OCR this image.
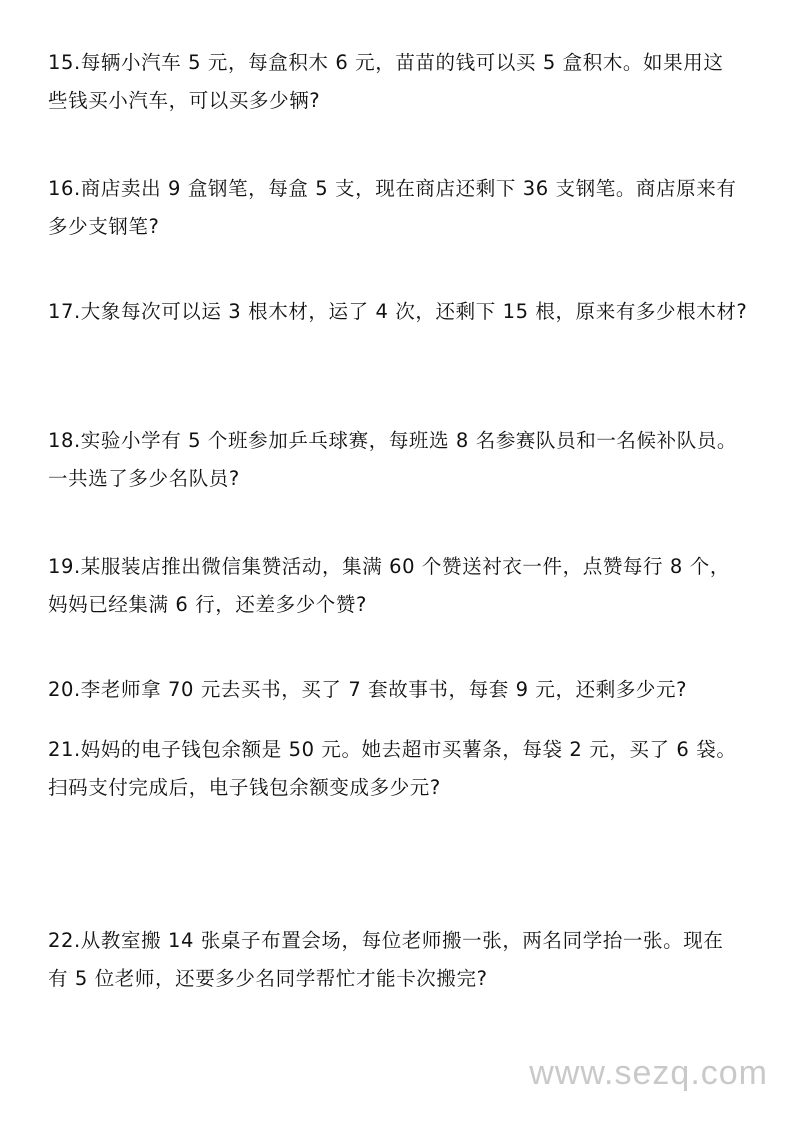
15.每辆小汽车 5 元，每盒积木 6 元，苗苗的钱可以买 5 盒积木。如果用这
些钱买小汽车，可以买多少辆?

16.商店卖出 9 盒钢笔，每盒 5 支，现在商店还剩下 36 支钢笔。商店原来有
多少支钢笔?

17.大象每次可以运 3 根木材，运了 4 次，还剩下 15 根，原来有多少根木材?

18.实验小学有 5 个班参加乒乓球赛，每班选 8 名参赛队员和一名候补队员。
一共选了多少名队员?

19.某服装店推出微信集赞活动，集满 60 个赞送衬衣一件，点赞每行 8 个，
妈妈已经集满 6 行，还差多少个赞?

20.李老师拿 70 元去买书，买了 7 套故事书，每套 9 元，还剩多少元?

21.妈妈的电子钱包余额是 50 元。她去超市买薯条，每袋 2 元，买了 6 袋。
扫码支付完成后，电子钱包余额变成多少元?

22.从教室搬 14 张桌子布置会场，每位老师搬一张，两名同学抬一张。现在
有 5 位老师，还要多少名同学帮忙才能卡次搬完?

www.sezq.com
